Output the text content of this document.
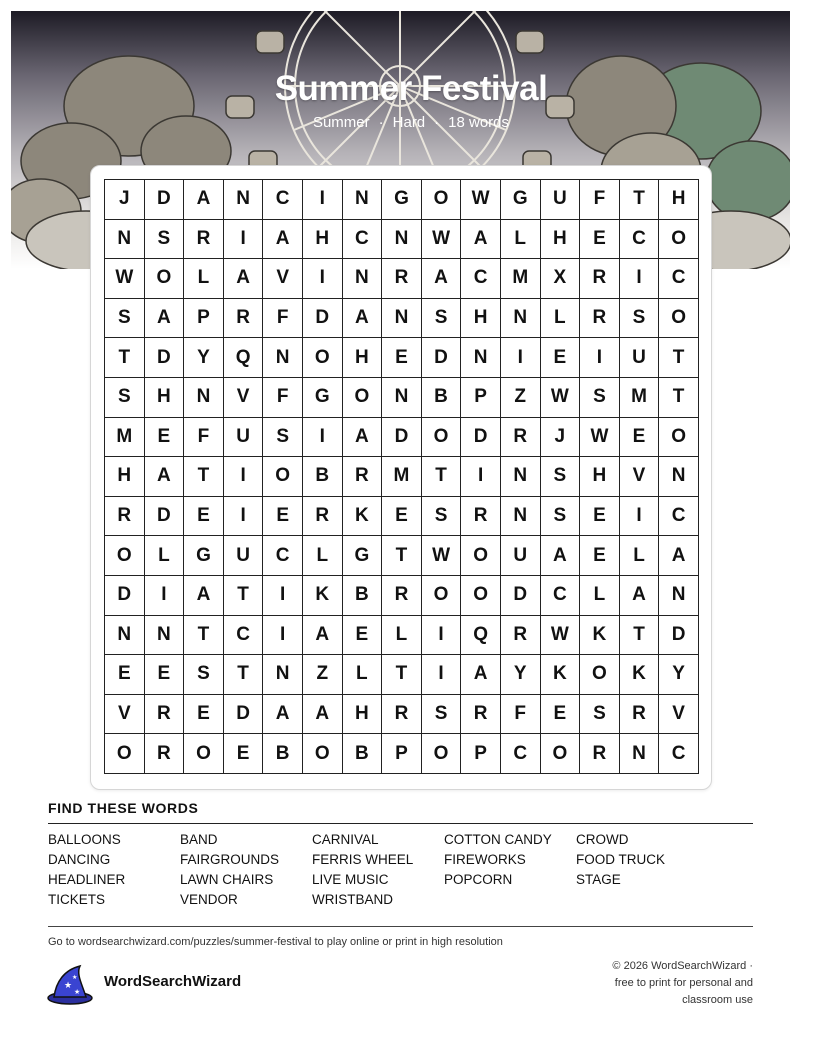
Summer Festival
Summer · Hard · 18 words
J	D	A	N	C	I	N	G	O	W	G	U	F	T	H
N	S	R	I	A	H	C	N	W	A	L	H	E	C	O
W	O	L	A	V	I	N	R	A	C	M	X	R	I	C
S	A	P	R	F	D	A	N	S	H	N	L	R	S	O
T	D	Y	Q	N	O	H	E	D	N	I	E	I	U	T
S	H	N	V	F	G	O	N	B	P	Z	W	S	M	T
M	E	F	U	S	I	A	D	O	D	R	J	W	E	O
H	A	T	I	O	B	R	M	T	I	N	S	H	V	N
R	D	E	I	E	R	K	E	S	R	N	S	E	I	C
O	L	G	U	C	L	G	T	W	O	U	A	E	L	A
D	I	A	T	I	K	B	R	O	O	D	C	L	A	N
N	N	T	C	I	A	E	L	I	Q	R	W	K	T	D
E	E	S	T	N	Z	L	T	I	A	Y	K	O	K	Y
V	R	E	D	A	A	H	R	S	R	F	E	S	R	V
O	R	O	E	B	O	B	P	O	P	C	O	R	N	C
FIND THESE WORDS
BALLOONS	BAND	CARNIVAL	COTTON CANDY	CROWD
DANCING	FAIRGROUNDS	FERRIS WHEEL	FIREWORKS	FOOD TRUCK
HEADLINER	LAWN CHAIRS	LIVE MUSIC	POPCORN	STAGE
TICKETS	VENDOR	WRISTBAND
Go to wordsearchwizard.com/puzzles/summer-festival to play online or print in high resolution
★
★
★ WordSearchWizard
© 2026 WordSearchWizard ·
free to print for personal and
classroom use
